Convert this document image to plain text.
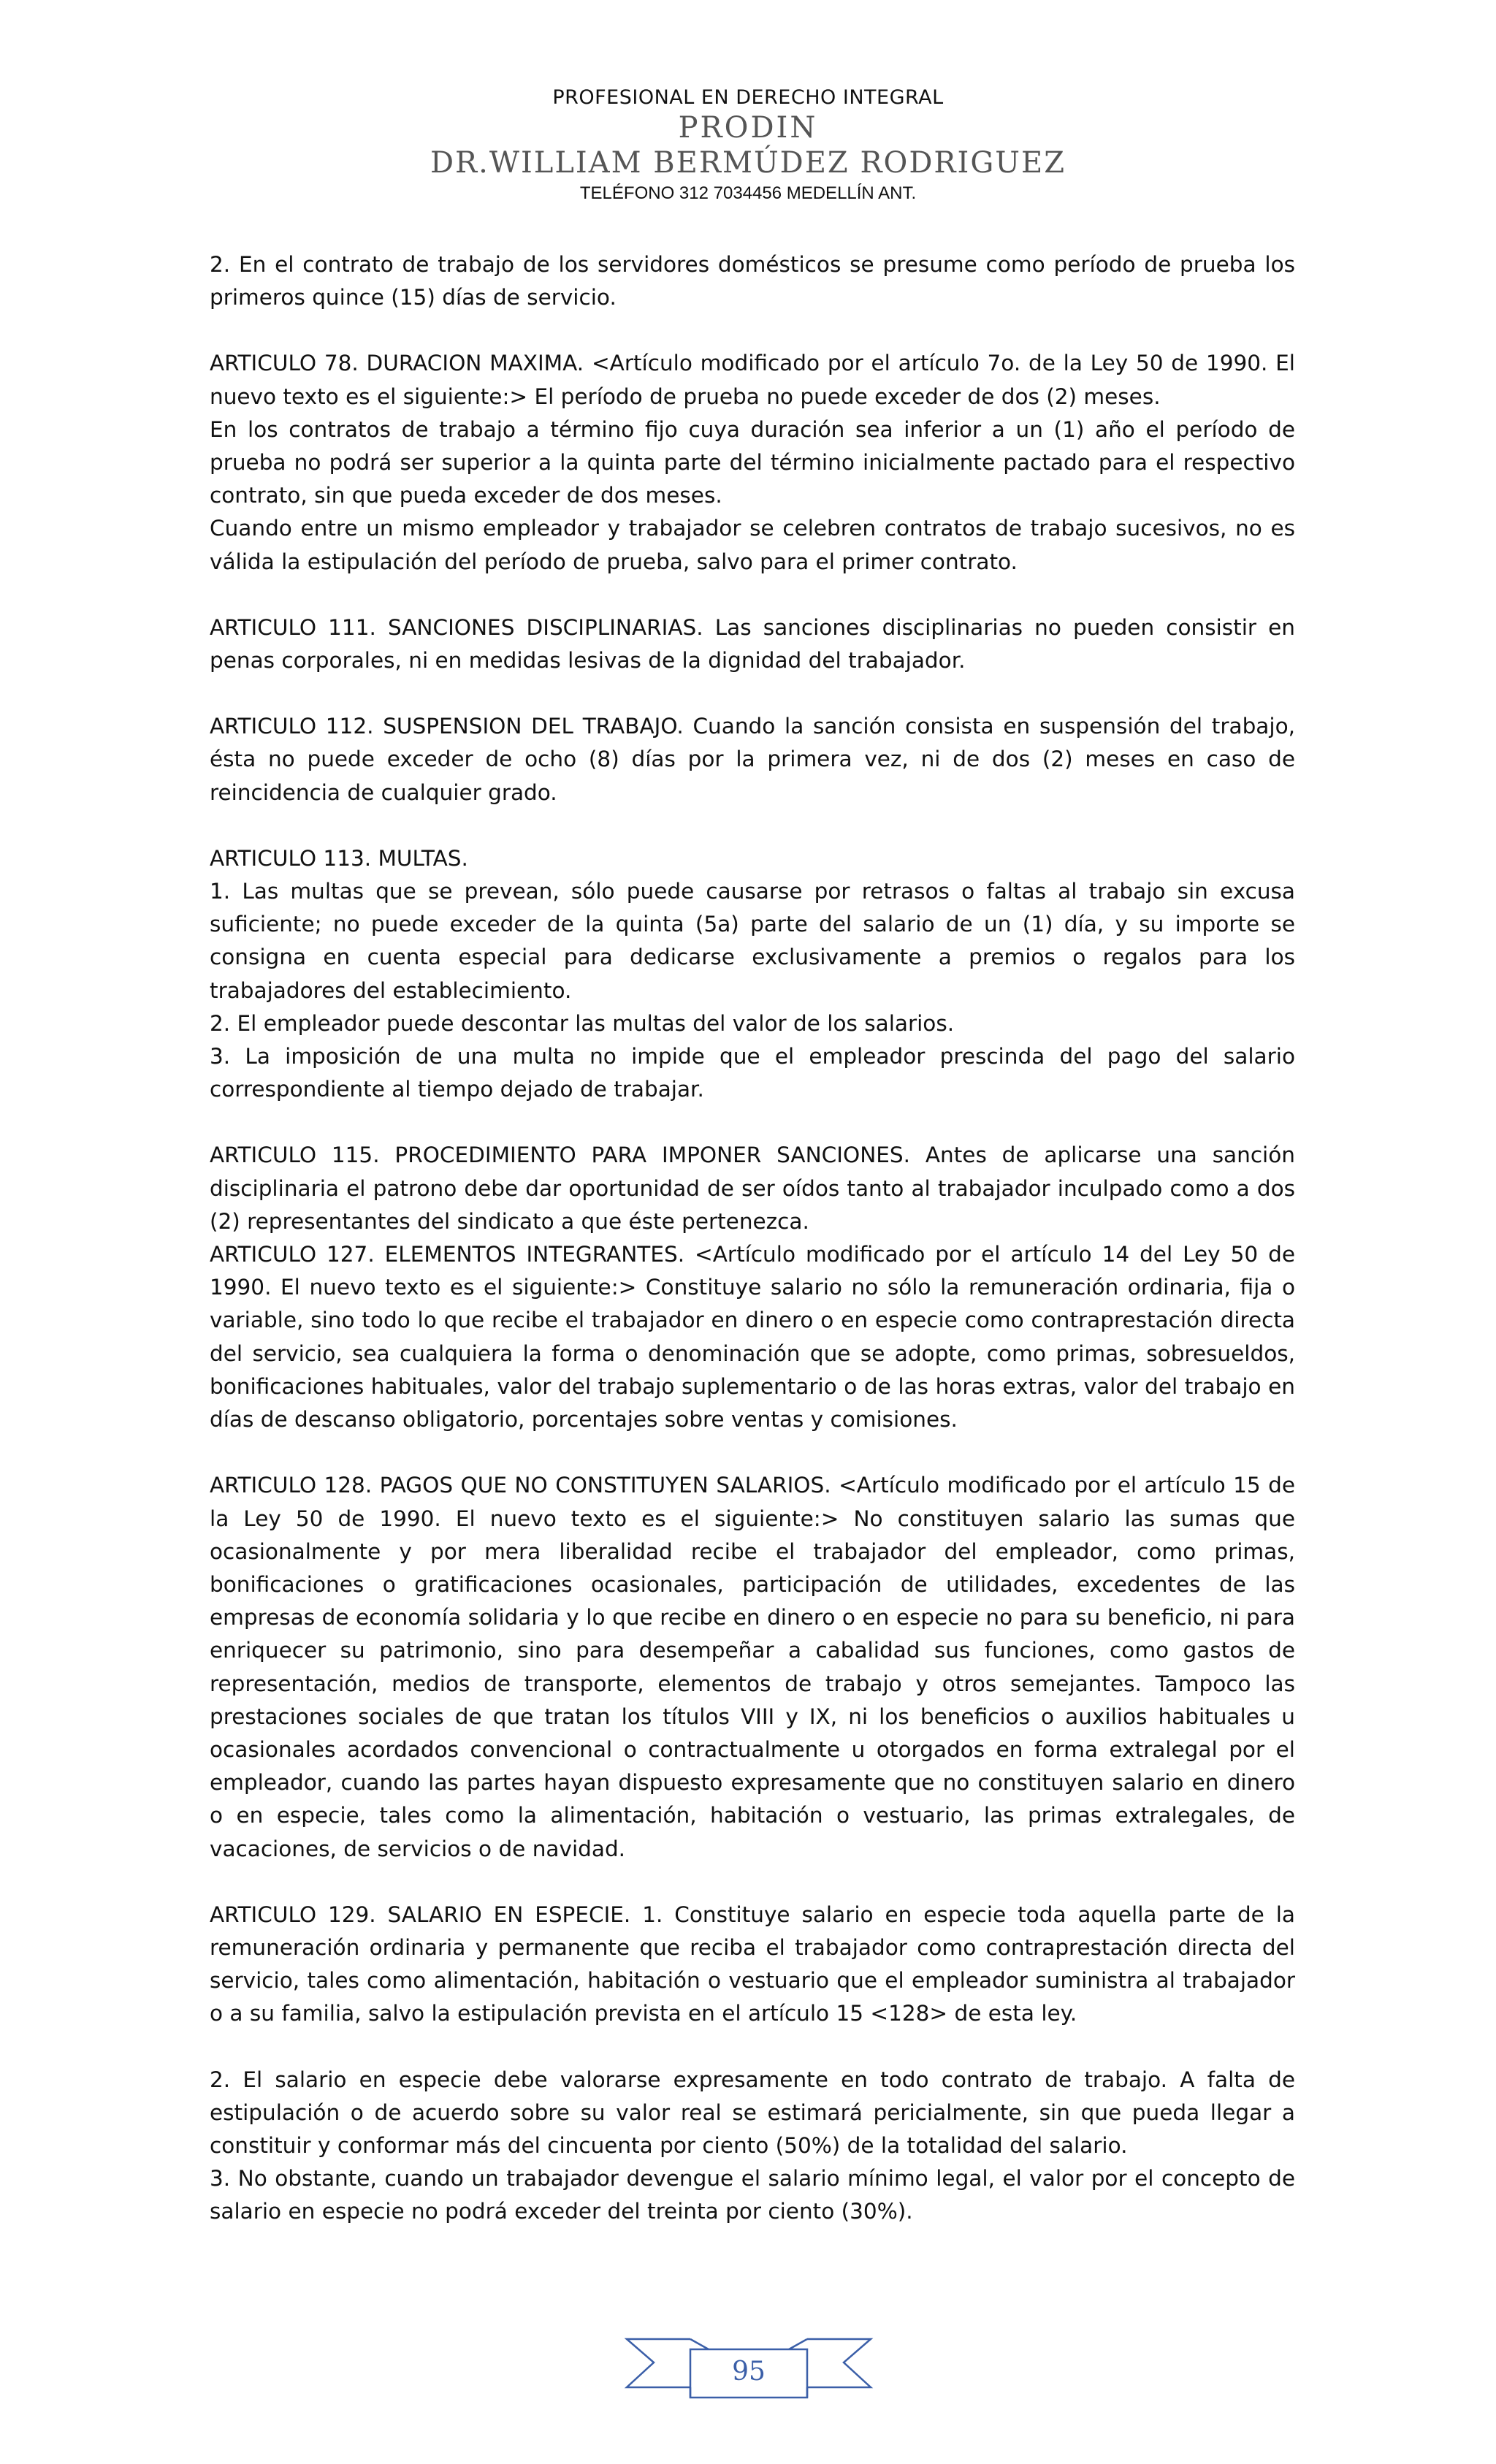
PROFESIONAL EN DERECHO INTEGRAL
PRODIN
DR.WILLIAM BERMÚDEZ RODRIGUEZ
TELÉFONO 312 7034456 MEDELLÍN ANT.

2. En el contrato de trabajo de los servidores domésticos se presume como período de prueba los primeros quince (15) días de servicio.

ARTICULO 78. DURACION MAXIMA. <Artículo modificado por el artículo 7o. de la Ley 50 de 1990. El nuevo texto es el siguiente:> El período de prueba no puede exceder de dos (2) meses.

En los contratos de trabajo a término fijo cuya duración sea inferior a un (1) año el período de prueba no podrá ser superior a la quinta parte del término inicialmente pactado para el respectivo contrato, sin que pueda exceder de dos meses.

Cuando entre un mismo empleador y trabajador se celebren contratos de trabajo sucesivos, no es válida la estipulación del período de prueba, salvo para el primer contrato.

ARTICULO 111. SANCIONES DISCIPLINARIAS. Las sanciones disciplinarias no pueden consistir en penas corporales, ni en medidas lesivas de la dignidad del trabajador.

ARTICULO 112. SUSPENSION DEL TRABAJO. Cuando la sanción consista en suspensión del trabajo, ésta no puede exceder de ocho (8) días por la primera vez, ni de dos (2) meses en caso de reincidencia de cualquier grado.

ARTICULO 113. MULTAS.

1. Las multas que se prevean, sólo puede causarse por retrasos o faltas al trabajo sin excusa suficiente; no puede exceder de la quinta (5a) parte del salario de un (1) día, y su importe se consigna en cuenta especial para dedicarse exclusivamente a premios o regalos para los trabajadores del establecimiento.

2. El empleador puede descontar las multas del valor de los salarios.

3. La imposición de una multa no impide que el empleador prescinda del pago del salario correspondiente al tiempo dejado de trabajar.

ARTICULO 115. PROCEDIMIENTO PARA IMPONER SANCIONES. Antes de aplicarse una sanción disciplinaria el patrono debe dar oportunidad de ser oídos tanto al trabajador inculpado como a dos (2) representantes del sindicato a que éste pertenezca.

ARTICULO 127. ELEMENTOS INTEGRANTES. <Artículo modificado por el artículo 14 del Ley 50 de 1990. El nuevo texto es el siguiente:> Constituye salario no sólo la remuneración ordinaria, fija o variable, sino todo lo que recibe el trabajador en dinero o en especie como contraprestación directa del servicio, sea cualquiera la forma o denominación que se adopte, como primas, sobresueldos, bonificaciones habituales, valor del trabajo suplementario o de las horas extras, valor del trabajo en días de descanso obligatorio, porcentajes sobre ventas y comisiones.

ARTICULO 128. PAGOS QUE NO CONSTITUYEN SALARIOS. <Artículo modificado por el artículo 15 de la Ley 50 de 1990. El nuevo texto es el siguiente:> No constituyen salario las sumas que ocasionalmente y por mera liberalidad recibe el trabajador del empleador, como primas, bonificaciones o gratificaciones ocasionales, participación de utilidades, excedentes de las empresas de economía solidaria y lo que recibe en dinero o en especie no para su beneficio, ni para enriquecer su patrimonio, sino para desempeñar a cabalidad sus funciones, como gastos de representación, medios de transporte, elementos de trabajo y otros semejantes. Tampoco las prestaciones sociales de que tratan los títulos VIII y IX, ni los beneficios o auxilios habituales u ocasionales acordados convencional o contractualmente u otorgados en forma extralegal por el empleador, cuando las partes hayan dispuesto expresamente que no constituyen salario en dinero o en especie, tales como la alimentación, habitación o vestuario, las primas extralegales, de vacaciones, de servicios o de navidad.

ARTICULO 129. SALARIO EN ESPECIE. 1. Constituye salario en especie toda aquella parte de la remuneración ordinaria y permanente que reciba el trabajador como contraprestación directa del servicio, tales como alimentación, habitación o vestuario que el empleador suministra al trabajador o a su familia, salvo la estipulación prevista en el artículo 15 <128> de esta ley.

2. El salario en especie debe valorarse expresamente en todo contrato de trabajo. A falta de estipulación o de acuerdo sobre su valor real se estimará pericialmente, sin que pueda llegar a constituir y conformar más del cincuenta por ciento (50%) de la totalidad del salario.

3. No obstante, cuando un trabajador devengue el salario mínimo legal, el valor por el concepto de salario en especie no podrá exceder del treinta por ciento (30%).

95
